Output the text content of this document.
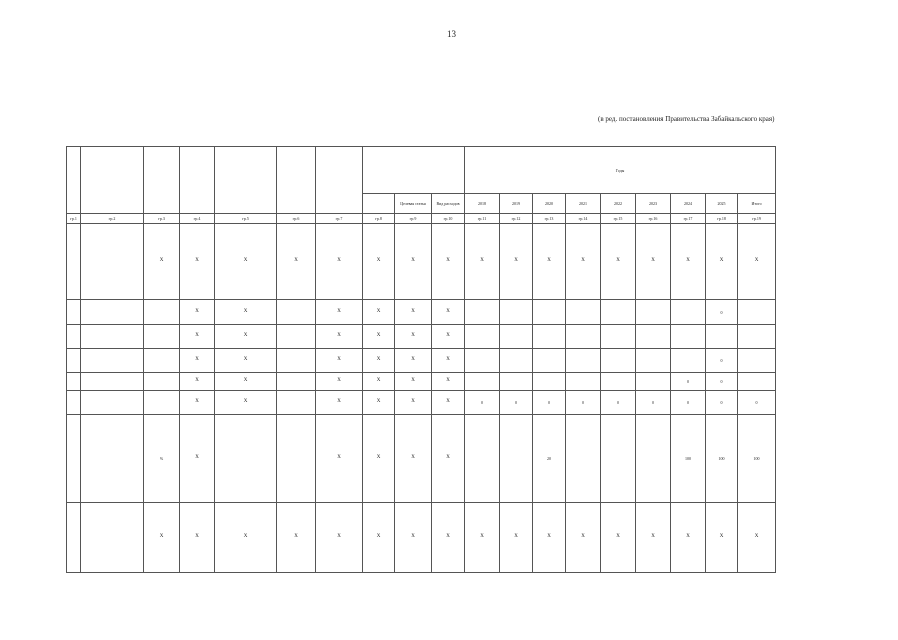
13
(в ред. постановления Правительства Забайкальского края)
										Годы								
								Целевая статья	Вид расходов	2018	2019	2020	2021	2022	2023	2024	2025	Итого
гр.1	гр.2	гр.3	гр.4	гр.5	гр.6	гр.7	гр.8	гр.9	гр.10	гр.11	гр.12	гр.13	гр.14	гр.15	гр.16	гр.17	гр.18	гр.19
		Х	Х	Х	Х	Х	Х	Х	Х	Х	Х	Х	Х	Х	Х	Х	Х	Х
			Х	Х		Х	Х	Х	Х								0	
			Х	Х		Х	Х	Х	Х									
			Х	Х		Х	Х	Х	Х								0	
			Х	Х		Х	Х	Х	Х							0	0	
			Х	Х		Х	Х	Х	Х	0	0	0	0	0	0	0	0	0
		%	Х			Х	Х	Х	Х			20				100	100	100
		Х	Х	Х	Х	Х	Х	Х	Х	Х	Х	Х	Х	Х	Х	Х	Х	Х
